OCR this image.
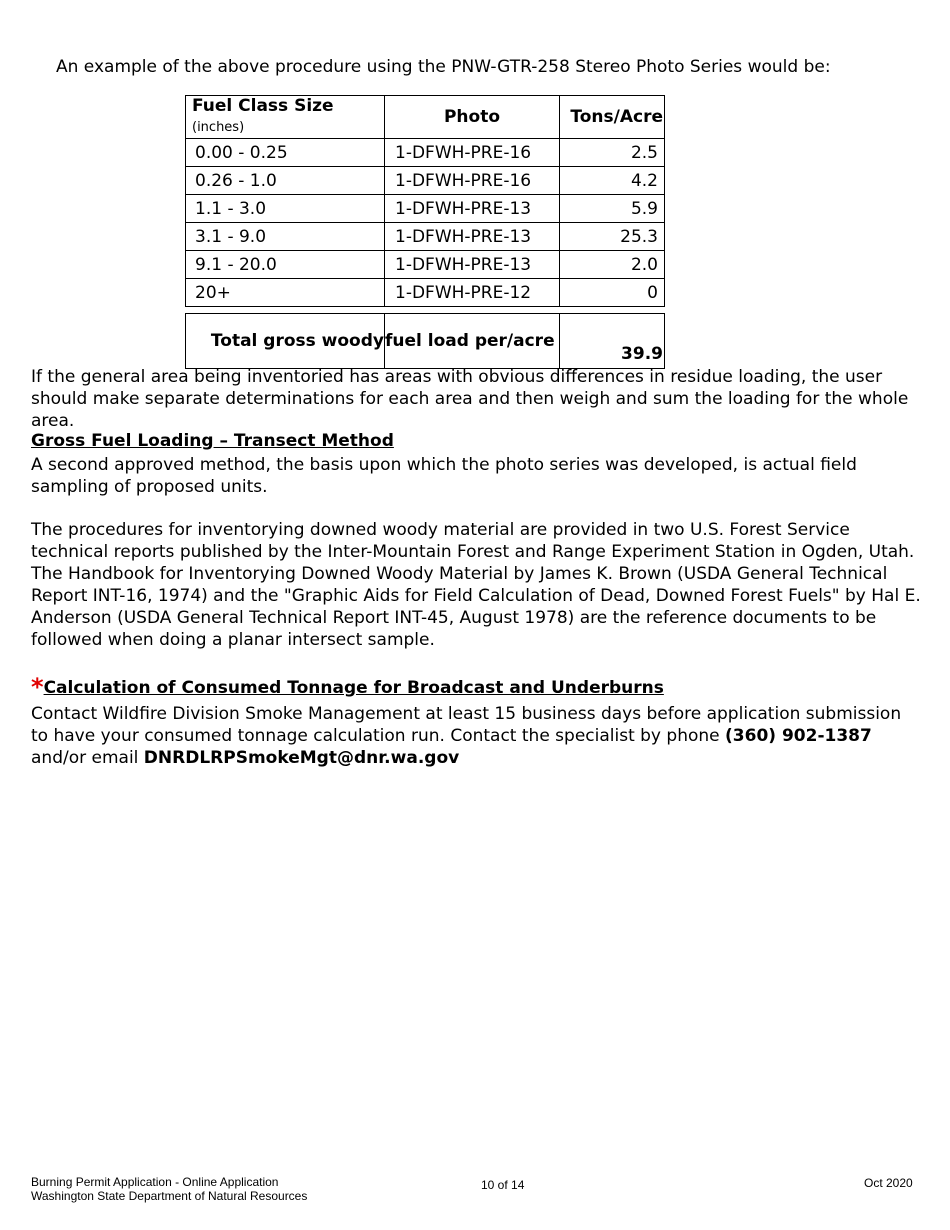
An example of the above procedure using the PNW-GTR-258 Stereo Photo Series would be:

Fuel Class Size (inches)	Photo	Tons/Acre
0.00 - 0.25	1-DFWH-PRE-16	2.5
0.26 - 1.0	1-DFWH-PRE-16	4.2
1.1 - 3.0	1-DFWH-PRE-13	5.9
3.1 - 9.0	1-DFWH-PRE-13	25.3
9.1 - 20.0	1-DFWH-PRE-13	2.0
20+	1-DFWH-PRE-12	0

Total gross woody	fuel load per/acre	39.9

If the general area being inventoried has areas with obvious differences in residue loading, the user should make separate determinations for each area and then weigh and sum the loading for the whole area.

Gross Fuel Loading – Transect Method

A second approved method, the basis upon which the photo series was developed, is actual field sampling of proposed units.

The procedures for inventorying downed woody material are provided in two U.S. Forest Service technical reports published by the Inter-Mountain Forest and Range Experiment Station in Ogden, Utah. The Handbook for Inventorying Downed Woody Material by James K. Brown (USDA General Technical Report INT-16, 1974) and the "Graphic Aids for Field Calculation of Dead, Downed Forest Fuels" by Hal E. Anderson (USDA General Technical Report INT-45, August 1978) are the reference documents to be followed when doing a planar intersect sample.

*Calculation of Consumed Tonnage for Broadcast and Underburns

Contact Wildfire Division Smoke Management at least 15 business days before application submission to have your consumed tonnage calculation run. Contact the specialist by phone (360) 902-1387 and/or email DNRDLRPSmokeMgt@dnr.wa.gov

Burning Permit Application - Online Application
Washington State Department of Natural Resources
10 of 14	Oct 2020
